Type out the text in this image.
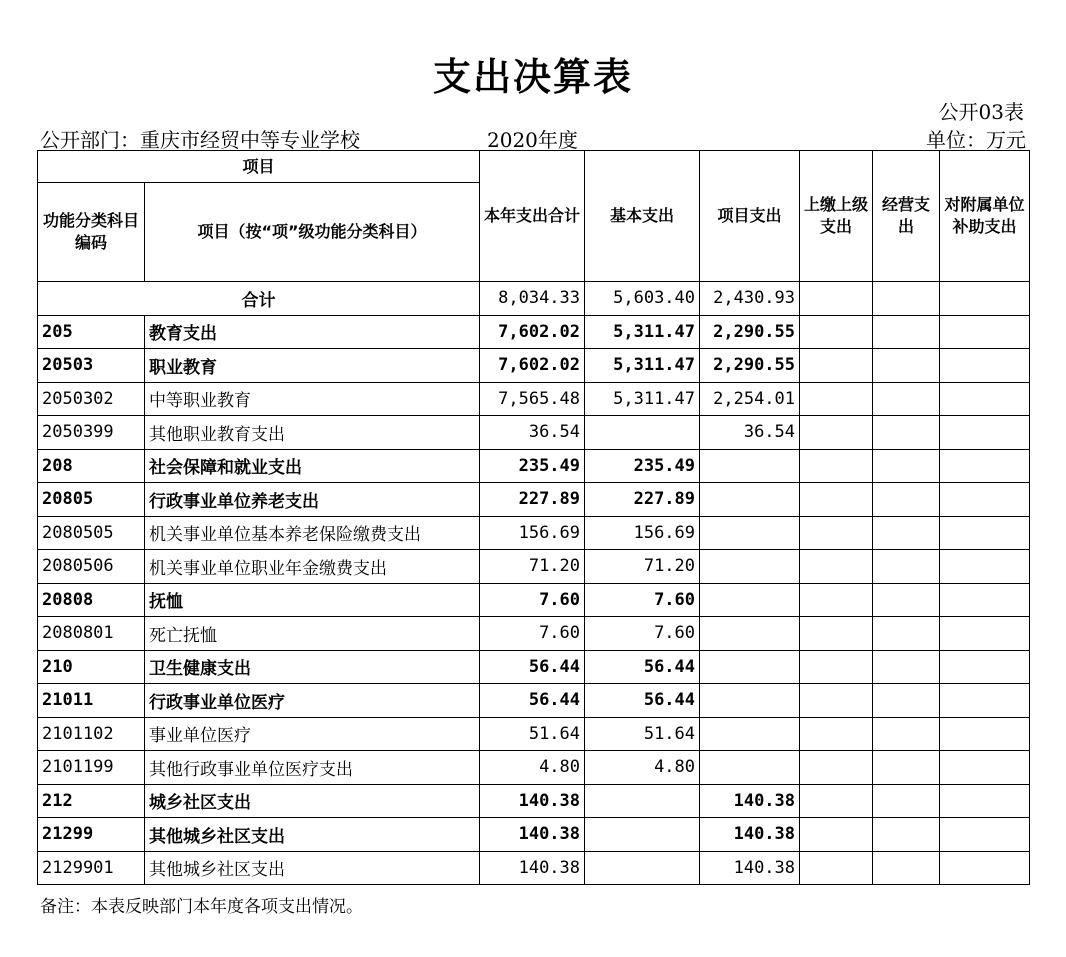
支出决算表
公开03表
公开部门：重庆市经贸中等专业学校	2020年度	单位：万元
项目		本年支出合计	基本支出	项目支出	上缴上级支出	经营支出	对附属单位补助支出
功能分类科目编码	项目（按“项”级功能分类科目）						
合计		8,034.33	5,603.40	2,430.93			
205	教育支出	7,602.02	5,311.47	2,290.55			
20503	职业教育	7,602.02	5,311.47	2,290.55			
2050302	中等职业教育	7,565.48	5,311.47	2,254.01			
2050399	其他职业教育支出	36.54		36.54			
208	社会保障和就业支出	235.49	235.49				
20805	行政事业单位养老支出	227.89	227.89				
2080505	机关事业单位基本养老保险缴费支出	156.69	156.69				
2080506	机关事业单位职业年金缴费支出	71.20	71.20				
20808	抚恤	7.60	7.60				
2080801	死亡抚恤	7.60	7.60				
210	卫生健康支出	56.44	56.44				
21011	行政事业单位医疗	56.44	56.44				
2101102	事业单位医疗	51.64	51.64				
2101199	其他行政事业单位医疗支出	4.80	4.80				
212	城乡社区支出	140.38		140.38			
21299	其他城乡社区支出	140.38		140.38			
2129901	其他城乡社区支出	140.38		140.38			
备注：本表反映部门本年度各项支出情况。
